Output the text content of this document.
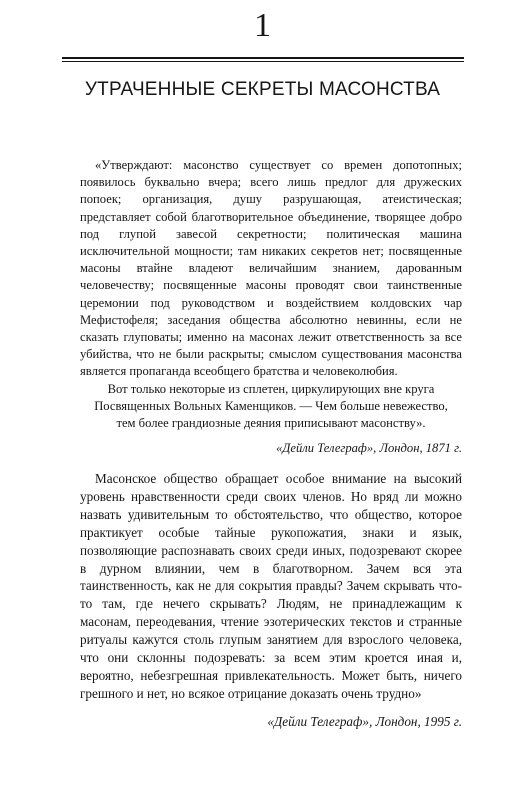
1
УТРАЧЕННЫЕ СЕКРЕТЫ МАСОНСТВА

«Утверждают: масонство существует со времен допотопных; появилось буквально вчера; всего лишь предлог для дружеских попоек; организация, душу разрушающая, атеистическая; представляет собой благотворительное объединение, творящее добро под глупой завесой секретности; политическая машина исключительной мощности; там никаких секретов нет; посвященные масоны втайне владеют величайшим знанием, дарованным человечеству; посвященные масоны проводят свои таинственные церемонии под руководством и воздействием колдовских чар Мефистофеля; заседания общества абсолютно невинны, если не сказать глуповаты; именно на масонах лежит ответственность за все убийства, что не были раскрыты; смыслом существования масонства является пропаганда всеобщего братства и человеколюбия.

Вот только некоторые из сплетен, циркулирующих вне круга Посвященных Вольных Каменщиков. — Чем больше невежество, тем более грандиозные деяния приписывают масонству».

«Дейли Телеграф», Лондон, 1871 г.

Масонское общество обращает особое внимание на высокий уровень нравственности среди своих членов. Но вряд ли можно назвать удивительным то обстоятельство, что общество, которое практикует особые тайные рукопожатия, знаки и язык, позволяющие распознавать своих среди иных, подозревают скорее в дурном влиянии, чем в благотворном. Зачем вся эта таинственность, как не для сокрытия правды? Зачем скрывать что-то там, где нечего скрывать? Людям, не принадлежащим к масонам, переодевания, чтение эзотерических текстов и странные ритуалы кажутся столь глупым занятием для взрослого человека, что они склонны подозревать: за всем этим кроется иная и, вероятно, небезгрешная привлекательность. Может быть, ничего грешного и нет, но всякое отрицание доказать очень трудно»

«Дейли Телеграф», Лондон, 1995 г.
